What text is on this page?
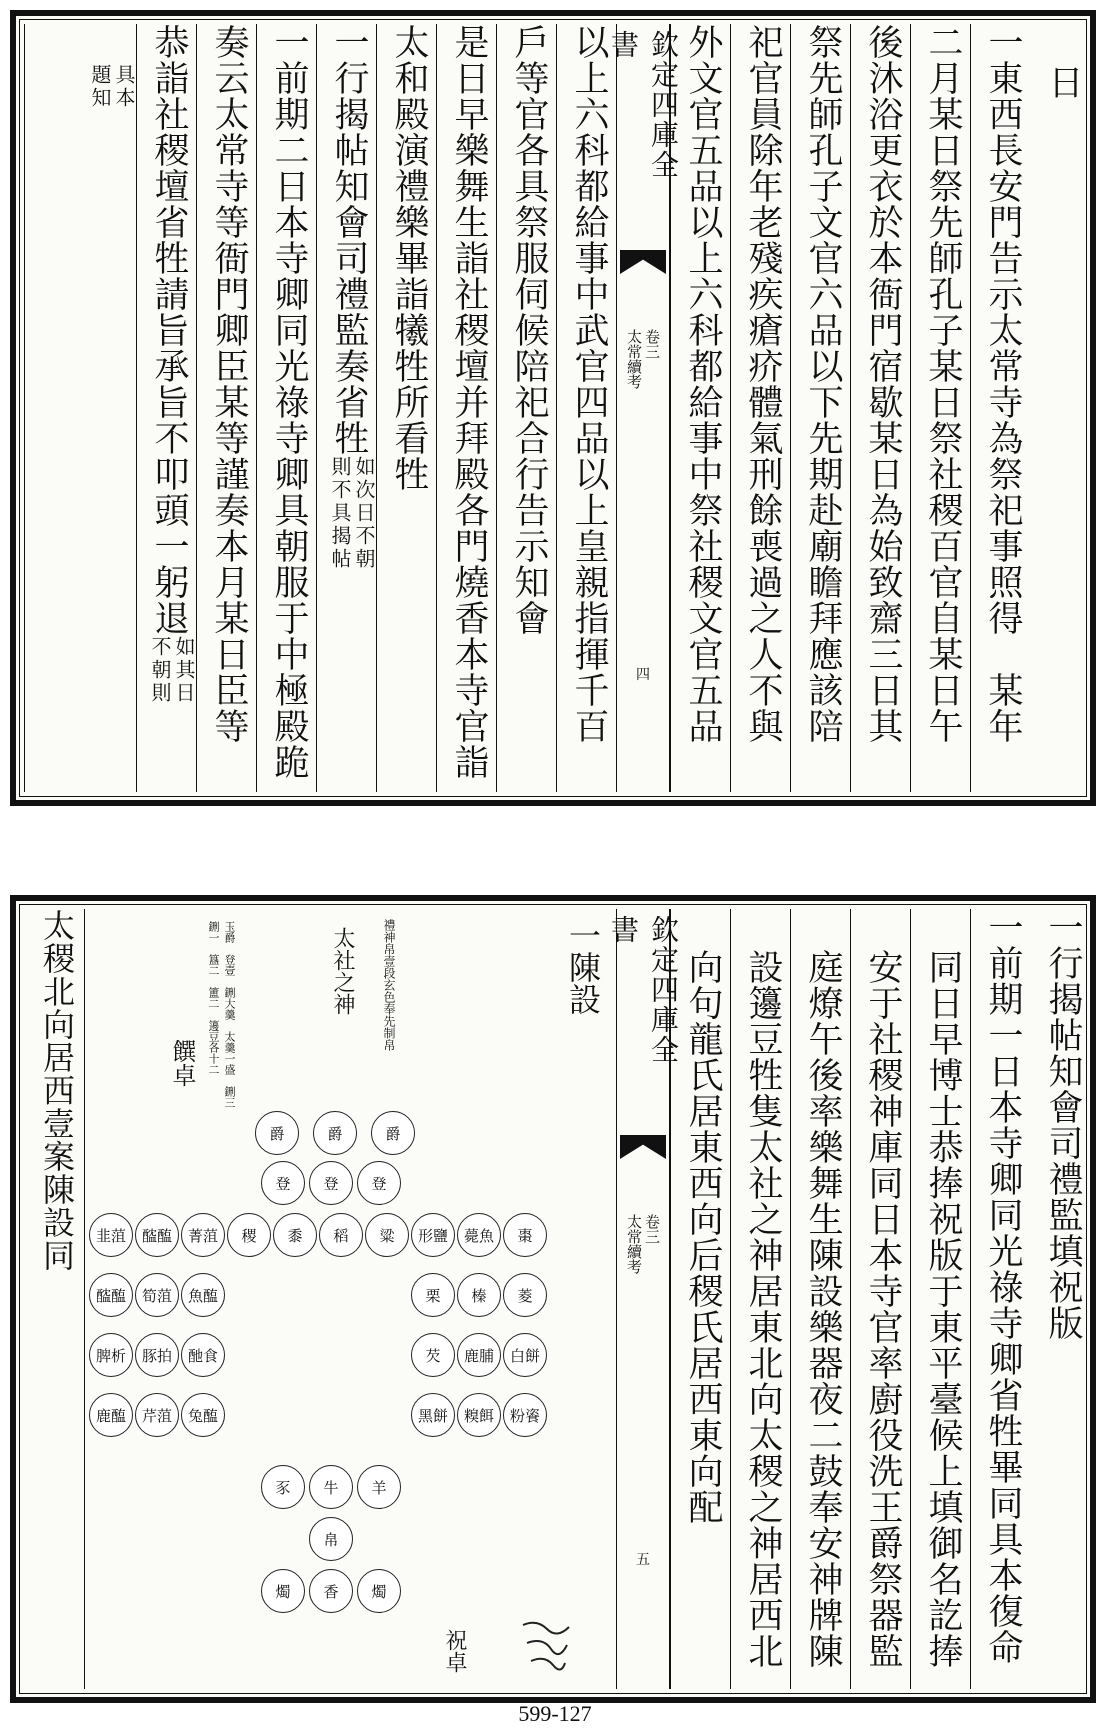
日
一東西長安門告示太常寺為祭祀事照得　某年
二月某日祭先師孔子某日祭社稷百官自某日午
後沐浴更衣於本衙門宿歇某日為始致齋三日其
祭先師孔子文官六品以下先期赴廟瞻拜應該陪
祀官員除年老殘疾瘡疥體氣刑餘喪過之人不與
外文官五品以上六科都給事中祭社稷文官五品
欽定四庫全書
太常續考 卷三
四
以上六科都給事中武官四品以上皇親指揮千百
戶等官各具祭服伺候陪祀合行告示知會
是日早樂舞生詣社稷壇并拜殿各門燒香本寺官詣
太和殿演禮樂畢詣犧牲所看牲
一行揭帖知會司禮監奏省牲
如次日不朝
則不具揭帖
一前期二日本寺卿同光祿寺卿具朝服于中極殿跪
奏云太常寺等衙門卿臣某等謹奏本月某日臣等
恭詣社稷壇省牲請旨承旨不叩頭一躬退
如其日
不朝則
具本
題知
一行揭帖知會司禮監填祝版
一前期一日本寺卿同光祿寺卿省牲畢同具本復命
同日早博士恭捧祝版于東平臺候上填御名訖捧
安于社稷神庫同日本寺官率廚役洗王爵祭器監
庭燎午後率樂舞生陳設樂器夜二鼓奉安神牌陳
設籩豆牲隻太社之神居東北向太稷之神居西北
向句龍氏居東西向后稷氏居西東向配
欽定四庫全書
太常續考 卷三
五
太稷北向居西壹案陳設同	一陳設
禮神帛壹段玄色奉先制帛
太社之神
玉爵　登壹　鉶大羹　太羹一盛　鉶三
鉶一　簋二　簠二　籩豆各十二
饌卓
祝卓
爵	爵	爵
登	登	登
韭菹	醓醢	菁菹	稷	黍	稻	粱	形鹽	薨魚	棗
醓醢	筍菹	魚醢	栗	榛	菱
脾析	豚拍	酏食	芡	鹿脯	白餅
鹿醢	芹菹	兔醢	黑餅	糗餌	粉餈
豕	牛	羊
帛
燭	香	燭
599-127
